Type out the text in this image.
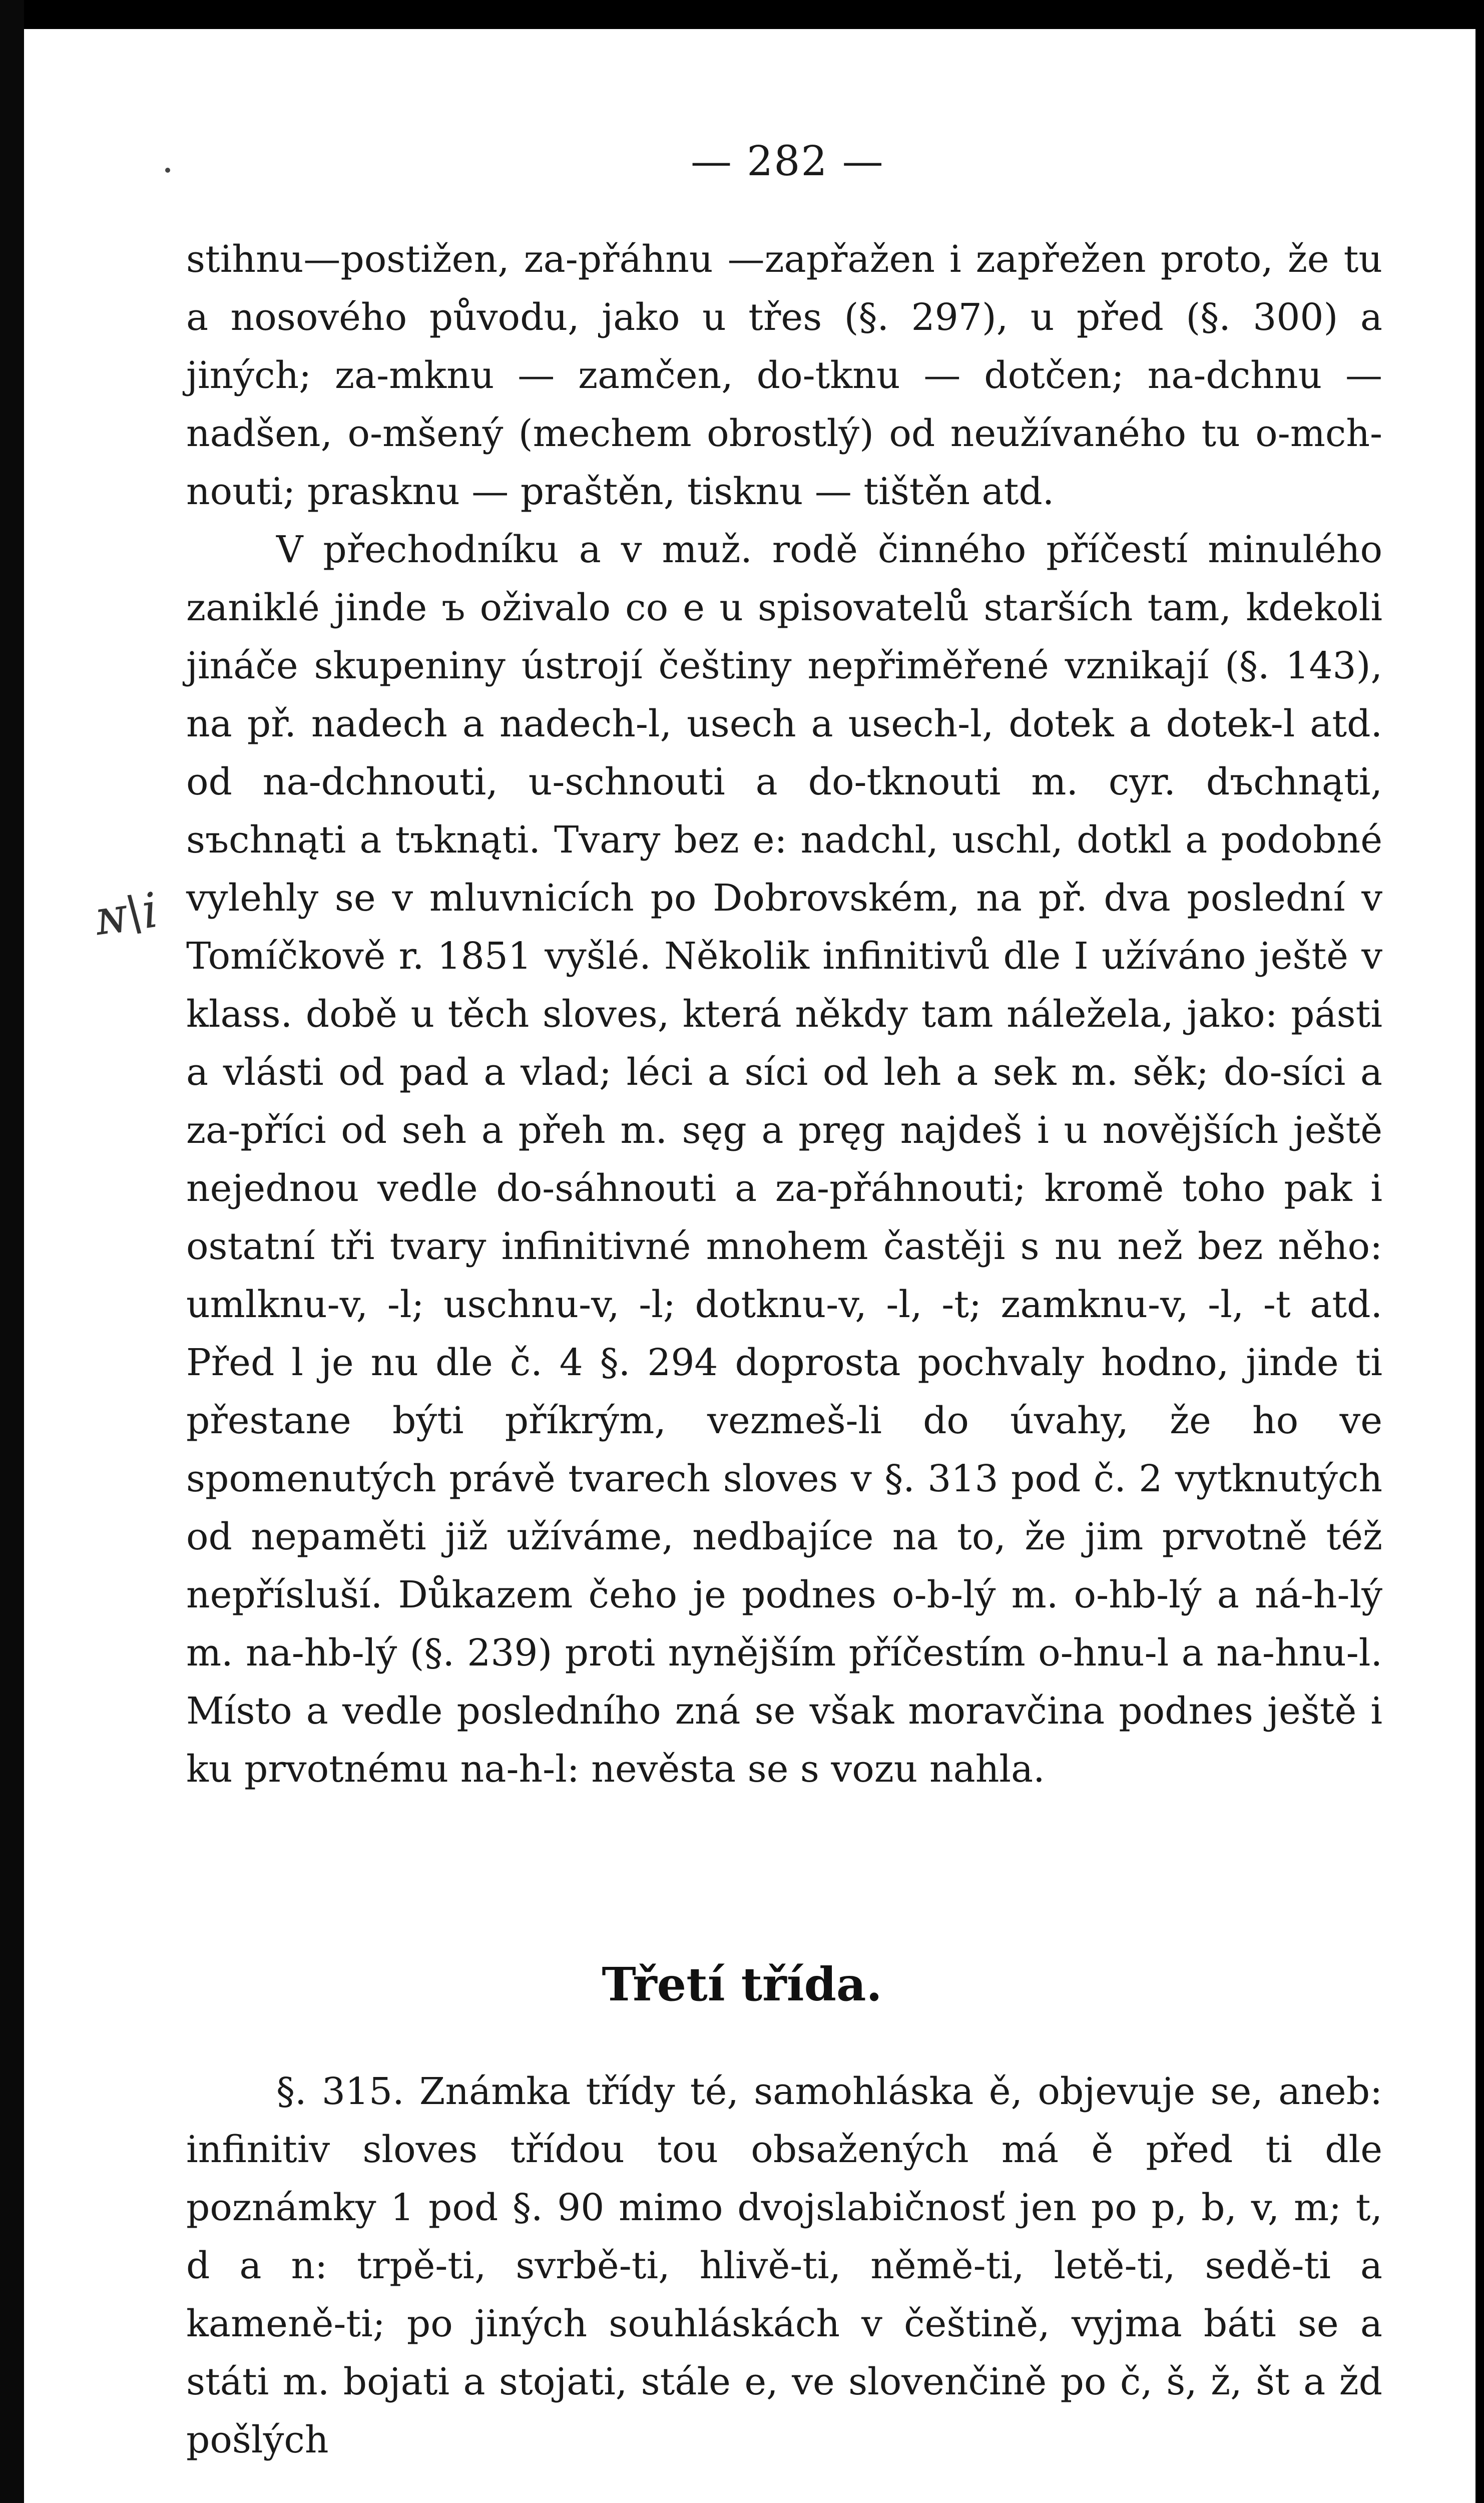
— 282 —
stihnu—postižen, za-přáhnu —zapřažen i zapřežen proto, že tu a nosového původu, jako u třes (§. 297), u před (§. 300) a jiných; za-mknu — zamčen, do-tknu — dotčen; na-dchnu — nadšen, o-mšený (mechem obrostlý) od neužívaného tu o-mch-nouti; prasknu — praštěn, tisknu — tištěn atd.
V přechodníku a v muž. rodě činného příčestí minulého zaniklé jinde ъ oživalo co e u spisovatelů starších tam, kdekoli jináče skupeniny ústrojí češtiny nepřiměřené vznikají (§. 143), na př. nadech a nadech-l, usech a usech-l, dotek a dotek-l atd. od na-dchnouti, u-schnouti a do-tknouti m. cyr. dъchnąti, sъchnąti a tъknąti. Tvary bez e: nadchl, uschl, dotkl a podobné vylehly se v mluvnicích po Dobrovském, na př. dva poslední v Tomíčkově r. 1851 vyšlé. Několik infinitivů dle I užíváno ještě v klass. době u těch sloves, která někdy tam náležela, jako: pásti a vlásti od pad a vlad; léci a síci od leh a sek m. sěk; do-síci a za-příci od seh a přeh m. sęg a pręg najdeš i u novějších ještě nejednou vedle do-sáhnouti a za-přáhnouti; kromě toho pak i ostatní tři tvary infinitivné mnohem častěji s nu než bez něho: umlknu-v, -l; uschnu-v, -l; dotknu-v, -l, -t; zamknu-v, -l, -t atd. Před l je nu dle č. 4 §. 294 doprosta pochvaly hodno, jinde ti přestane býti příkrým, vezmeš-li do úvahy, že ho ve spomenutých právě tvarech sloves v §. 313 pod č. 2 vytknutých od nepaměti již užíváme, nedbajíce na to, že jim prvotně též nepřísluší. Důkazem čeho je podnes o-b-lý m. o-hb-lý a ná-h-lý m. na-hb-lý (§. 239) proti nynějším příčestím o-hnu-l a na-hnu-l. Místo a vedle posledního zná se však moravčina podnes ještě i ku prvotnému na-h-l: nevěsta se s vozu nahla.
ɴ\i
Třetí třída.
§. 315. Známka třídy té, samohláska ě, objevuje se, aneb: infinitiv sloves třídou tou obsažených má ě před ti dle poznámky 1 pod §. 90 mimo dvojslabičnosť jen po p, b, v, m; t, d a n: trpě-ti, svrbě-ti, hlivě-ti, němě-ti, letě-ti, sedě-ti a kameně-ti; po jiných souhláskách v češtině, vyjma báti se a státi m. bojati a stojati, stále e, ve slovenčině po č, š, ž, št a žd pošlých
